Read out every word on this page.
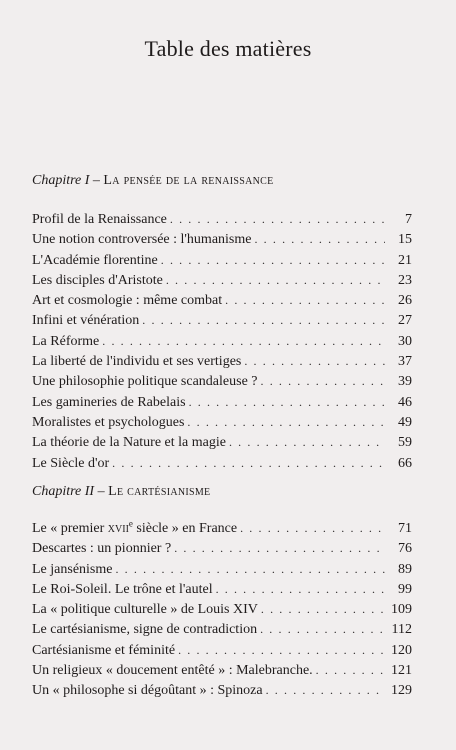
Table des matières
Chapitre I – La pensée de la renaissance
Profil de la Renaissance . . .	7
Une notion controversée : l'humanisme . . .	15
L'Académie florentine . . .	21
Les disciples d'Aristote . . .	23
Art et cosmologie : même combat . . .	26
Infini et vénération . . .	27
La Réforme . . .	30
La liberté de l'individu et ses vertiges . . .	37
Une philosophie politique scandaleuse ? . . .	39
Les gamineries de Rabelais . . .	46
Moralistes et psychologues . . .	49
La théorie de la Nature et la magie . . .	59
Le Siècle d'or . . .	66
Chapitre II – Le cartésianisme
Le « premier xvii$^e$ siècle » en France . . .	71
Descartes : un pionnier ? . . .	76
Le jansénisme . . .	89
Le Roi-Soleil. Le trône et l'autel . . .	99
La « politique culturelle » de Louis XIV . . .	109
Le cartésianisme, signe de contradiction . . .	112
Cartésianisme et féminité . . .	120
Un religieux « doucement entêté » : Malebranche. . . .	121
Un « philosophe si dégoûtant » : Spinoza . . .	129
